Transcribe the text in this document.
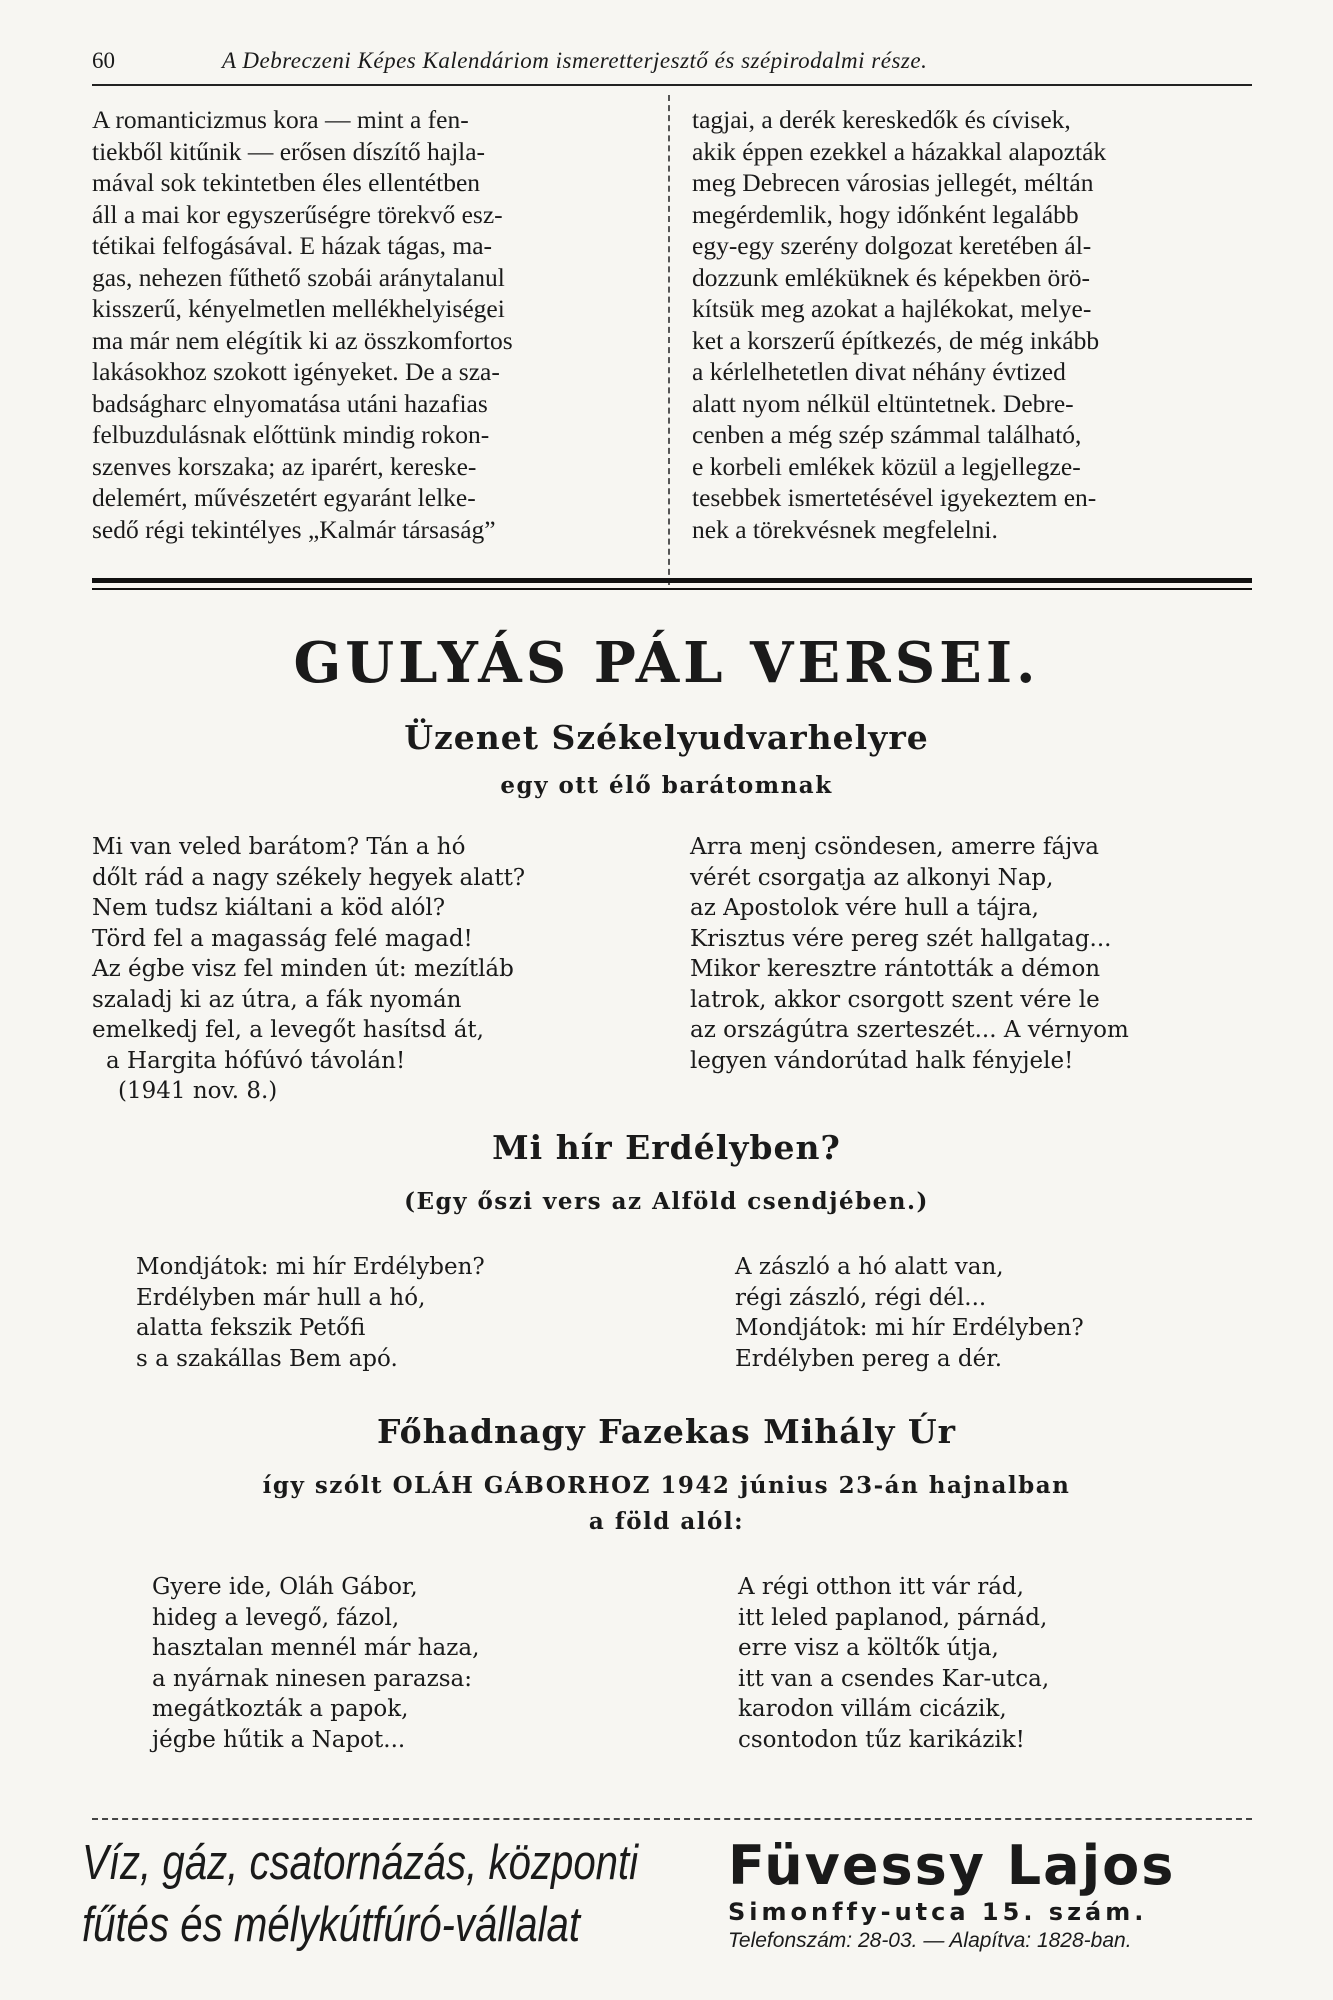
60	A Debreczeni Képes Kalendáriom ismeretterjesztő és szépirodalmi része.
A romanticizmus kora — mint a fen-
tiekből kitűnik — erősen díszítő hajla-
mával sok tekintetben éles ellentétben
áll a mai kor egyszerűségre törekvő esz-
tétikai felfogásával. E házak tágas, ma-
gas, nehezen fűthető szobái aránytalanul
kisszerű, kényelmetlen mellékhelyiségei
ma már nem elégítik ki az összkomfortos
lakásokhoz szokott igényeket. De a sza-
badságharc elnyomatása utáni hazafias
felbuzdulásnak előttünk mindig rokon-
szenves korszaka; az iparért, kereske-
delemért, művészetért egyaránt lelke-
sedő régi tekintélyes „Kalmár társaság”
tagjai, a derék kereskedők és cívisek,
akik éppen ezekkel a házakkal alapozták
meg Debrecen városias jellegét, méltán
megérdemlik, hogy időnként legalább
egy-egy szerény dolgozat keretében ál-
dozzunk emléküknek és képekben örö-
kítsük meg azokat a hajlékokat, melye-
ket a korszerű építkezés, de még inkább
a kérlelhetetlen divat néhány évtized
alatt nyom nélkül eltüntetnek. Debre-
cenben a még szép számmal található,
e korbeli emlékek közül a legjellegze-
tesebbek ismertetésével igyekeztem en-
nek a törekvésnek megfelelni.
GULYÁS PÁL VERSEI.
Üzenet Székelyudvarhelyre
egy ott élő barátomnak
Mi van veled barátom? Tán a hó
dőlt rád a nagy székely hegyek alatt?
Nem tudsz kiáltani a köd alól?
Törd fel a magasság felé magad!
Az égbe visz fel minden út: mezítláb
szaladj ki az útra, a fák nyomán
emelkedj fel, a levegőt hasítsd át,
a Hargita hófúvó távolán!
(1941 nov. 8.)
Arra menj csöndesen, amerre fájva
vérét csorgatja az alkonyi Nap,
az Apostolok vére hull a tájra,
Krisztus vére pereg szét hallgatag...
Mikor keresztre rántották a démon
latrok, akkor csorgott szent vére le
az országútra szerteszét... A vérnyom
legyen vándorútad halk fényjele!
Mi hír Erdélyben?
(Egy őszi vers az Alföld csendjében.)
Mondjátok: mi hír Erdélyben?
Erdélyben már hull a hó,
alatta fekszik Petőfi
s a szakállas Bem apó.
A zászló a hó alatt van,
régi zászló, régi dél...
Mondjátok: mi hír Erdélyben?
Erdélyben pereg a dér.
Főhadnagy Fazekas Mihály Úr
így szólt OLÁH GÁBORHOZ 1942 június 23-án hajnalban
a föld alól:
Gyere ide, Oláh Gábor,
hideg a levegő, fázol,
hasztalan mennél már haza,
a nyárnak ninesen parazsa:
megátkozták a papok,
jégbe hűtik a Napot...
A régi otthon itt vár rád,
itt leled paplanod, párnád,
erre visz a költők útja,
itt van a csendes Kar-utca,
karodon villám cicázik,
csontodon tűz karikázik!
Víz, gáz, csatornázás, központi
fűtés és mélykútfúró-vállalat
Füvessy Lajos
Simonffy-utca 15. szám.
Telefonszám: 28-03. — Alapítva: 1828-ban.
